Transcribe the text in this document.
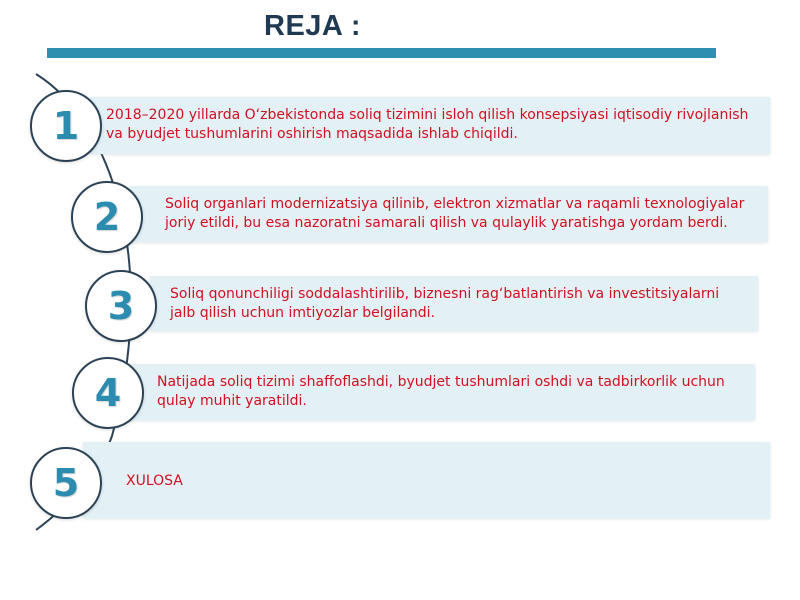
REJA :
2018–2020 yillarda O‘zbekistonda soliq tizimini isloh qilish konsepsiyasi iqtisodiy rivojlanish va byudjet tushumlarini oshirish maqsadida ishlab chiqildi.
1
Soliq organlari modernizatsiya qilinib, elektron xizmatlar va raqamli texnologiyalar joriy etildi, bu esa nazoratni samarali qilish va qulaylik yaratishga yordam berdi.
2
Soliq qonunchiligi soddalashtirilib, biznesni rag‘batlantirish va investitsiyalarni jalb qilish uchun imtiyozlar belgilandi.
3
Natijada soliq tizimi shaffoflashdi, byudjet tushumlari oshdi va tadbirkorlik uchun qulay muhit yaratildi.
4
XULOSA
5
